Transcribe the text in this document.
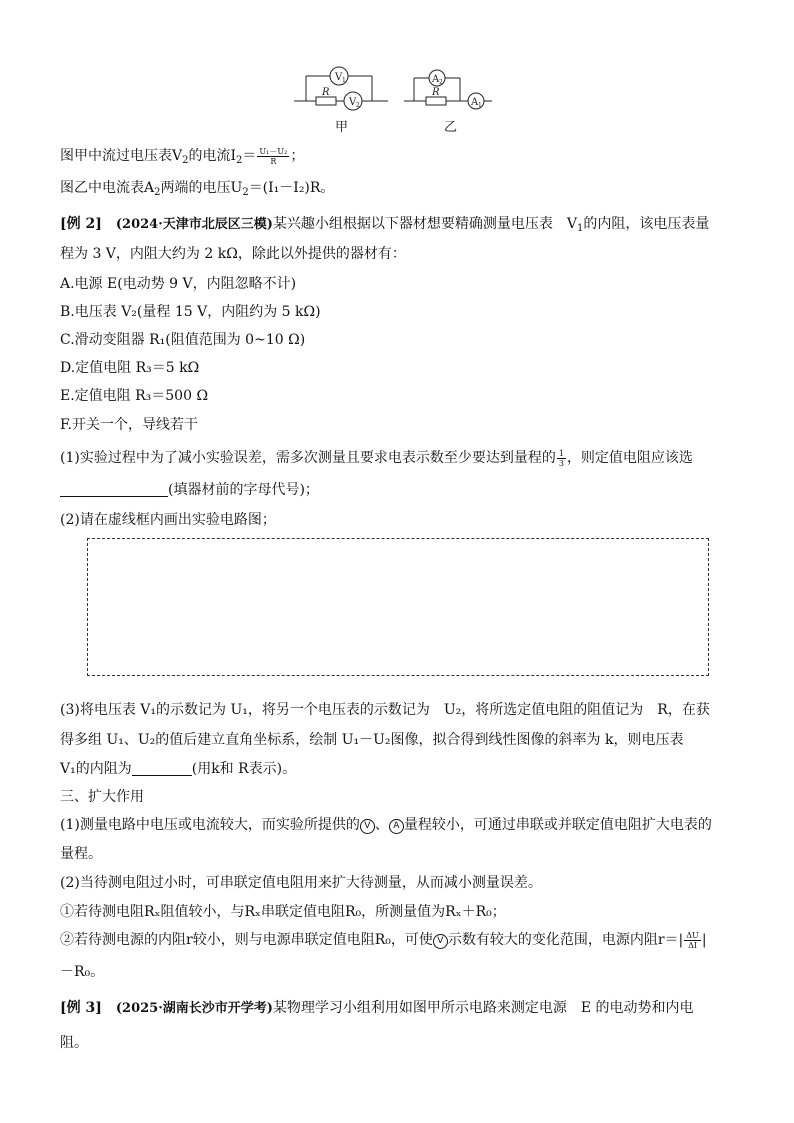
V 1
R
V 2
甲
A 2
R
A 1
乙
图甲中流过电压表$V_2$的电流$I_2= \frac{\text{U₁－U₂}}{R}$ ；
图乙中电流表$A_2$两端的电压$U_2=(I_1-I_2)R$。
[例 2]　 (2024·天津市北辰区三模)某兴趣小组根据以下器材想要精确测量电压表　$V_1$的内阻，该电压表量
程为 3 V，内阻大约为 2 kΩ，除此以外提供的器材有：
A.电源 E(电动势 9 V，内阻忽略不计)
B.电压表 V₂(量程 15 V，内阻约为 5 kΩ)
C.滑动变阻器 R₁(阻值范围为 0~10 Ω)
D.定值电阻 R₃＝5 kΩ
E.定值电阻 R₃＝500 Ω
F.开关一个，导线若干
(1)实验过程中为了减小实验误差，需多次测量且要求电表示数至少要达到量程的 $\frac{1}{3}$ ，则定值电阻应该选
(填器材前的字母代号)；
(2)请在虚线框内画出实验电路图；
(3)将电压表 V₁的示数记为 U₁，将另一个电压表的示数记为　U₂，将所选定值电阻的阻值记为　R，在获
得多组 U₁、U₂的值后建立直角坐标系，绘制 U₁－U₂图像，拟合得到线性图像的斜率为 k，则电压表
V₁的内阻为	(用k和 R表示)。
三、扩大作用
(1)测量电路中电压或电流较大，而实验所提供的 V 、 A 量程较小，可通过串联或并联定值电阻扩大电表的
量程。
(2)当待测电阻过小时，可串联定值电阻用来扩大待测量，从而减小测量误差。
①若待测电阻Rₓ阻值较小，与Rₓ串联定值电阻R₀，所测量值为Rₓ＋R₀；
②若待测电源的内阻r较小，则与电源串联定值电阻R₀，可使 V 示数有较大的变化范围，电源内阻$r=| \frac{\Delta U}{\Delta I}$ |
－R₀。
[例 3]　 (2025·湖南长沙市开学考)某物理学习小组利用如图甲所示电路来测定电源　E 的电动势和内电
阻。
